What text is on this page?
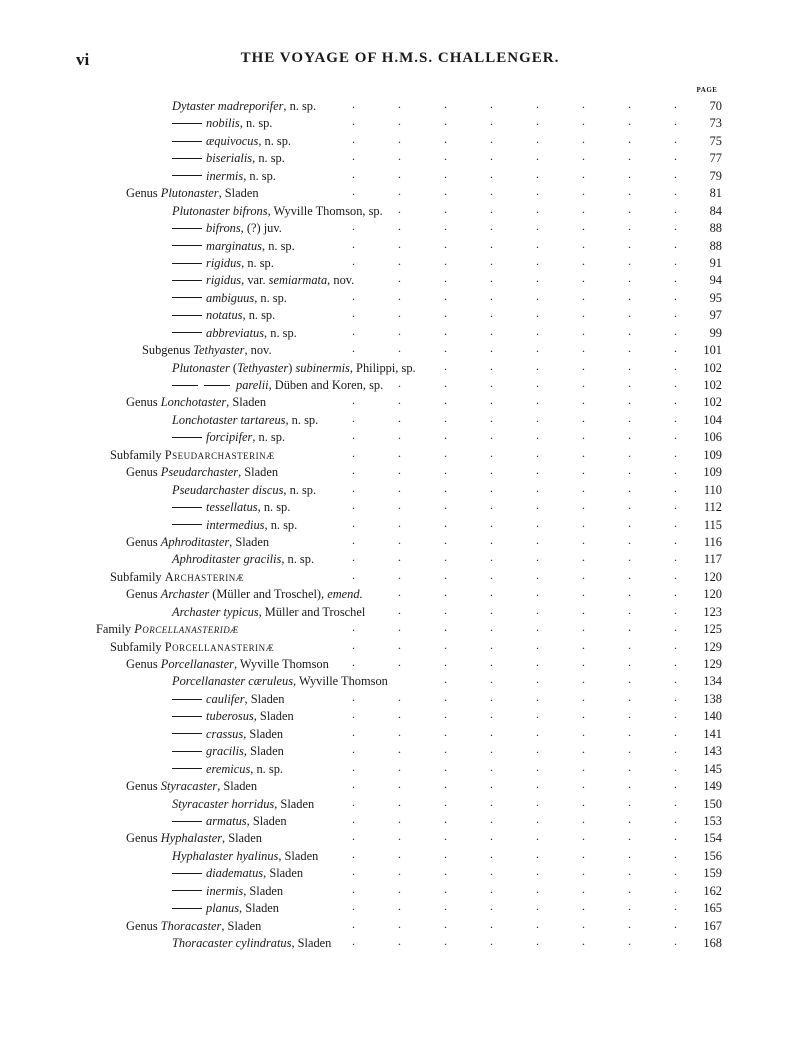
vi	THE VOYAGE OF H.M.S. CHALLENGER.
PAGE
Dytaster madreporifer, n. sp.	.	.	.	.	.	.	.	.	70
nobilis, n. sp.	.	.	.	.	.	.	.	.	73
æquivocus, n. sp.	.	.	.	.	.	.	.	.	75
biserialis, n. sp.	.	.	.	.	.	.	.	.	77
inermis, n. sp.	.	.	.	.	.	.	.	.	79
Genus Plutonaster, Sladen	.	.	.	.	.	.	.	.	81
Plutonaster bifrons, Wyville Thomson, sp. .	.	.	.	.	.	.	84
bifrons, (?) juv.	.	.	.	.	.	.	.	.	88
marginatus, n. sp.	.	.	.	.	.	.	.	.	88
rigidus, n. sp.	.	.	.	.	.	.	.	.	91
rigidus, var. semiarmata, nov.	.	.	.	.	.	.	.	94
ambiguus, n. sp.	.	.	.	.	.	.	.	.	95
notatus, n. sp.	.	.	.	.	.	.	.	.	97
abbreviatus, n. sp.	.	.	.	.	.	.	.	.	99
Subgenus Tethyaster, nov.	.	.	.	.	.	.	.	.	101
Plutonaster (Tethyaster) subinermis, Philippi, sp. .	.	.	.	.	.	102
parelii, Düben and Koren, sp. .	.	.	.	.	.	.	102
Genus Lonchotaster, Sladen	.	.	.	.	.	.	.	.	102
Lonchotaster tartareus, n. sp.	.	.	.	.	.	.	.	.	104
forcipifer, n. sp.	.	.	.	.	.	.	.	.	106
Subfamily Pseudarchasterinæ	.	.	.	.	.	.	.	.	109
Genus Pseudarchaster, Sladen	.	.	.	.	.	.	.	.	109
Pseudarchaster discus, n. sp.	.	.	.	.	.	.	.	.	110
tessellatus, n. sp.	.	.	.	.	.	.	.	.	112
intermedius, n. sp.	.	.	.	.	.	.	.	.	115
Genus Aphroditaster, Sladen	.	.	.	.	.	.	.	.	116
Aphroditaster gracilis, n. sp.	.	.	.	.	.	.	.	.	117
Subfamily Archasterinæ	.	.	.	.	.	.	.	.	120
Genus Archaster (Müller and Troschel), emend.	.	.	.	.	.	.	.	120
Archaster typicus, Müller and Troschel	.	.	.	.	.	.	.	123
Family Porcellanasteridæ	.	.	.	.	.	.	.	.	125
Subfamily Porcellanasterinæ	.	.	.	.	.	.	.	.	129
Genus Porcellanaster, Wyville Thomson .	.	.	.	.	.	.	.	129
Porcellanaster cæruleus, Wyville Thomson	.	.	.	.	.	.	134
caulifer, Sladen	.	.	.	.	.	.	.	.	138
tuberosus, Sladen	.	.	.	.	.	.	.	.	140
crassus, Sladen	.	.	.	.	.	.	.	.	141
gracilis, Sladen	.	.	.	.	.	.	.	.	143
eremicus, n. sp.	.	.	.	.	.	.	.	.	145
Genus Styracaster, Sladen	.	.	.	.	.	.	.	.	149
Styracaster horridus, Sladen	.	.	.	.	.	.	.	.	150
armatus, Sladen	.	.	.	.	.	.	.	.	153
Genus Hyphalaster, Sladen	.	.	.	.	.	.	.	.	154
Hyphalaster hyalinus, Sladen	.	.	.	.	.	.	.	.	156
diadematus, Sladen	.	.	.	.	.	.	.	.	159
inermis, Sladen	.	.	.	.	.	.	.	.	162
planus, Sladen	.	.	.	.	.	.	.	.	165
Genus Thoracaster, Sladen	.	.	.	.	.	.	.	.	167
Thoracaster cylindratus, Sladen .	.	.	.	.	.	.	.	168
